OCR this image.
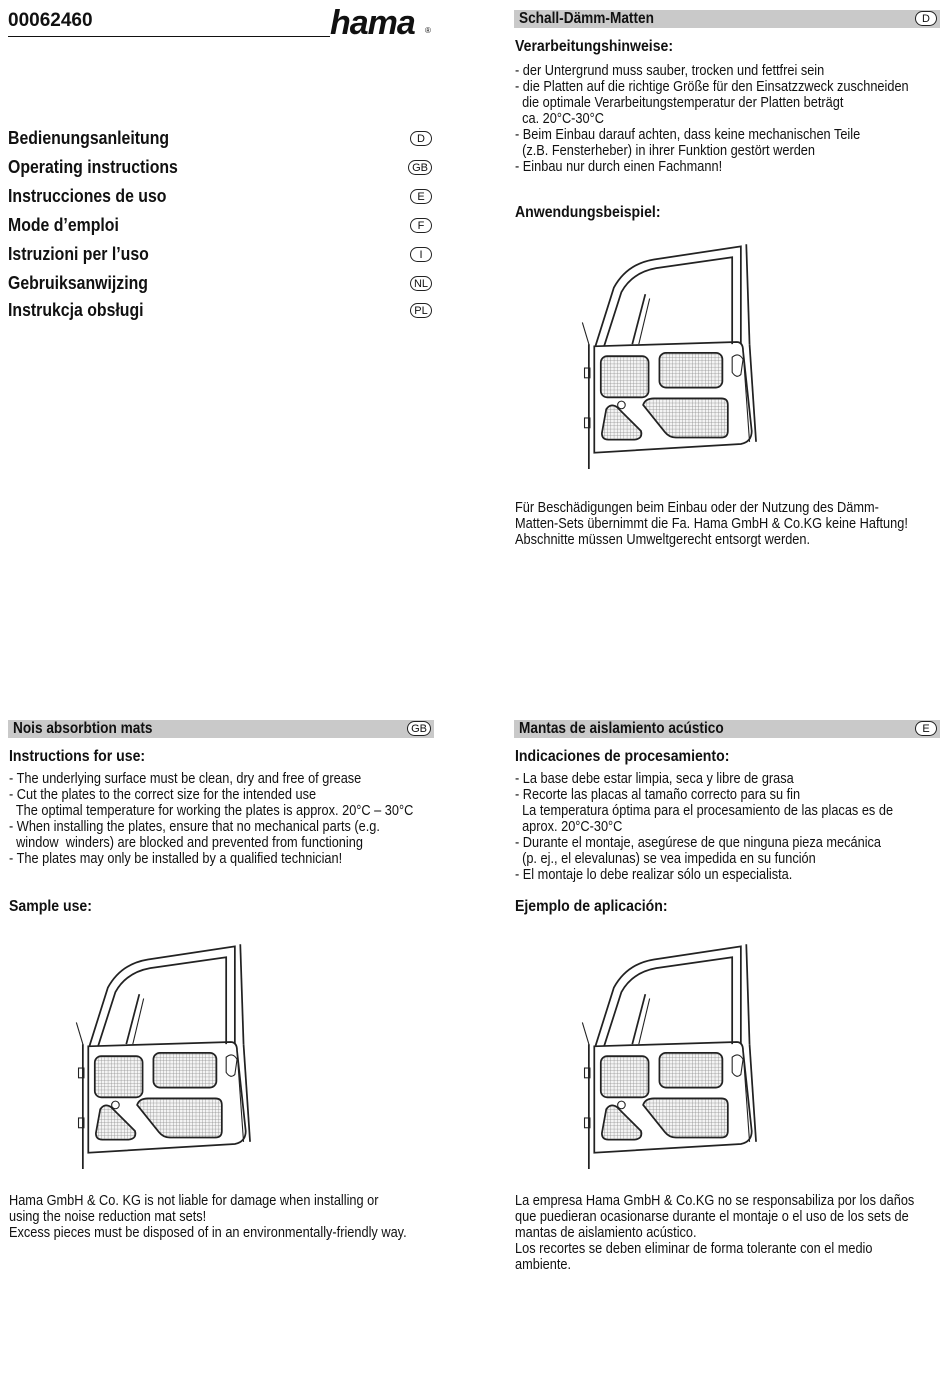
00062460	hama ®
Bedienungsanleitung	D
Operating instructions	GB
Instrucciones de uso	E
Mode d’emploi	F
Istruzioni per l’uso	I
Gebruiksanwijzing	NL
Instrukcja obsługi	PL
Schall-Dämm-Matten	D
Verarbeitungshinweise:
- der Untergrund muss sauber, trocken und fettfrei sein
- die Platten auf die richtige Größe für den Einsatzzweck zuschneiden
die optimale Verarbeitungstemperatur der Platten beträgt
ca. 20°C-30°C
- Beim Einbau darauf achten, dass keine mechanischen Teile
(z.B. Fensterheber) in ihrer Funktion gestört werden
- Einbau nur durch einen Fachmann!
Anwendungsbeispiel:
Für Beschädigungen beim Einbau oder der Nutzung des Dämm-
Matten-Sets übernimmt die Fa. Hama GmbH & Co.KG keine Haftung!
Abschnitte müssen Umweltgerecht entsorgt werden.
Nois absorbtion mats	GB
Instructions for use:
- The underlying surface must be clean, dry and free of grease
- Cut the plates to the correct size for the intended use
The optimal temperature for working the plates is approx. 20°C – 30°C
- When installing the plates, ensure that no mechanical parts (e.g.
window  winders) are blocked and prevented from functioning
- The plates may only be installed by a qualified technician!
Sample use:
Hama GmbH & Co. KG is not liable for damage when installing or
using the noise reduction mat sets!
Excess pieces must be disposed of in an environmentally-friendly way.
Mantas de aislamiento acústico	E
Indicaciones de procesamiento:
- La base debe estar limpia, seca y libre de grasa
- Recorte las placas al tamaño correcto para su fin
La temperatura óptima para el procesamiento de las placas es de
aprox. 20°C-30°C
- Durante el montaje, asegúrese de que ninguna pieza mecánica
(p. ej., el elevalunas) se vea impedida en su función
- El montaje lo debe realizar sólo un especialista.
Ejemplo de aplicación:
La empresa Hama GmbH & Co.KG no se responsabiliza por los daños
que puedieran ocasionarse durante el montaje o el uso de los sets de
mantas de aislamiento acústico.
Los recortes se deben eliminar de forma tolerante con el medio
ambiente.
